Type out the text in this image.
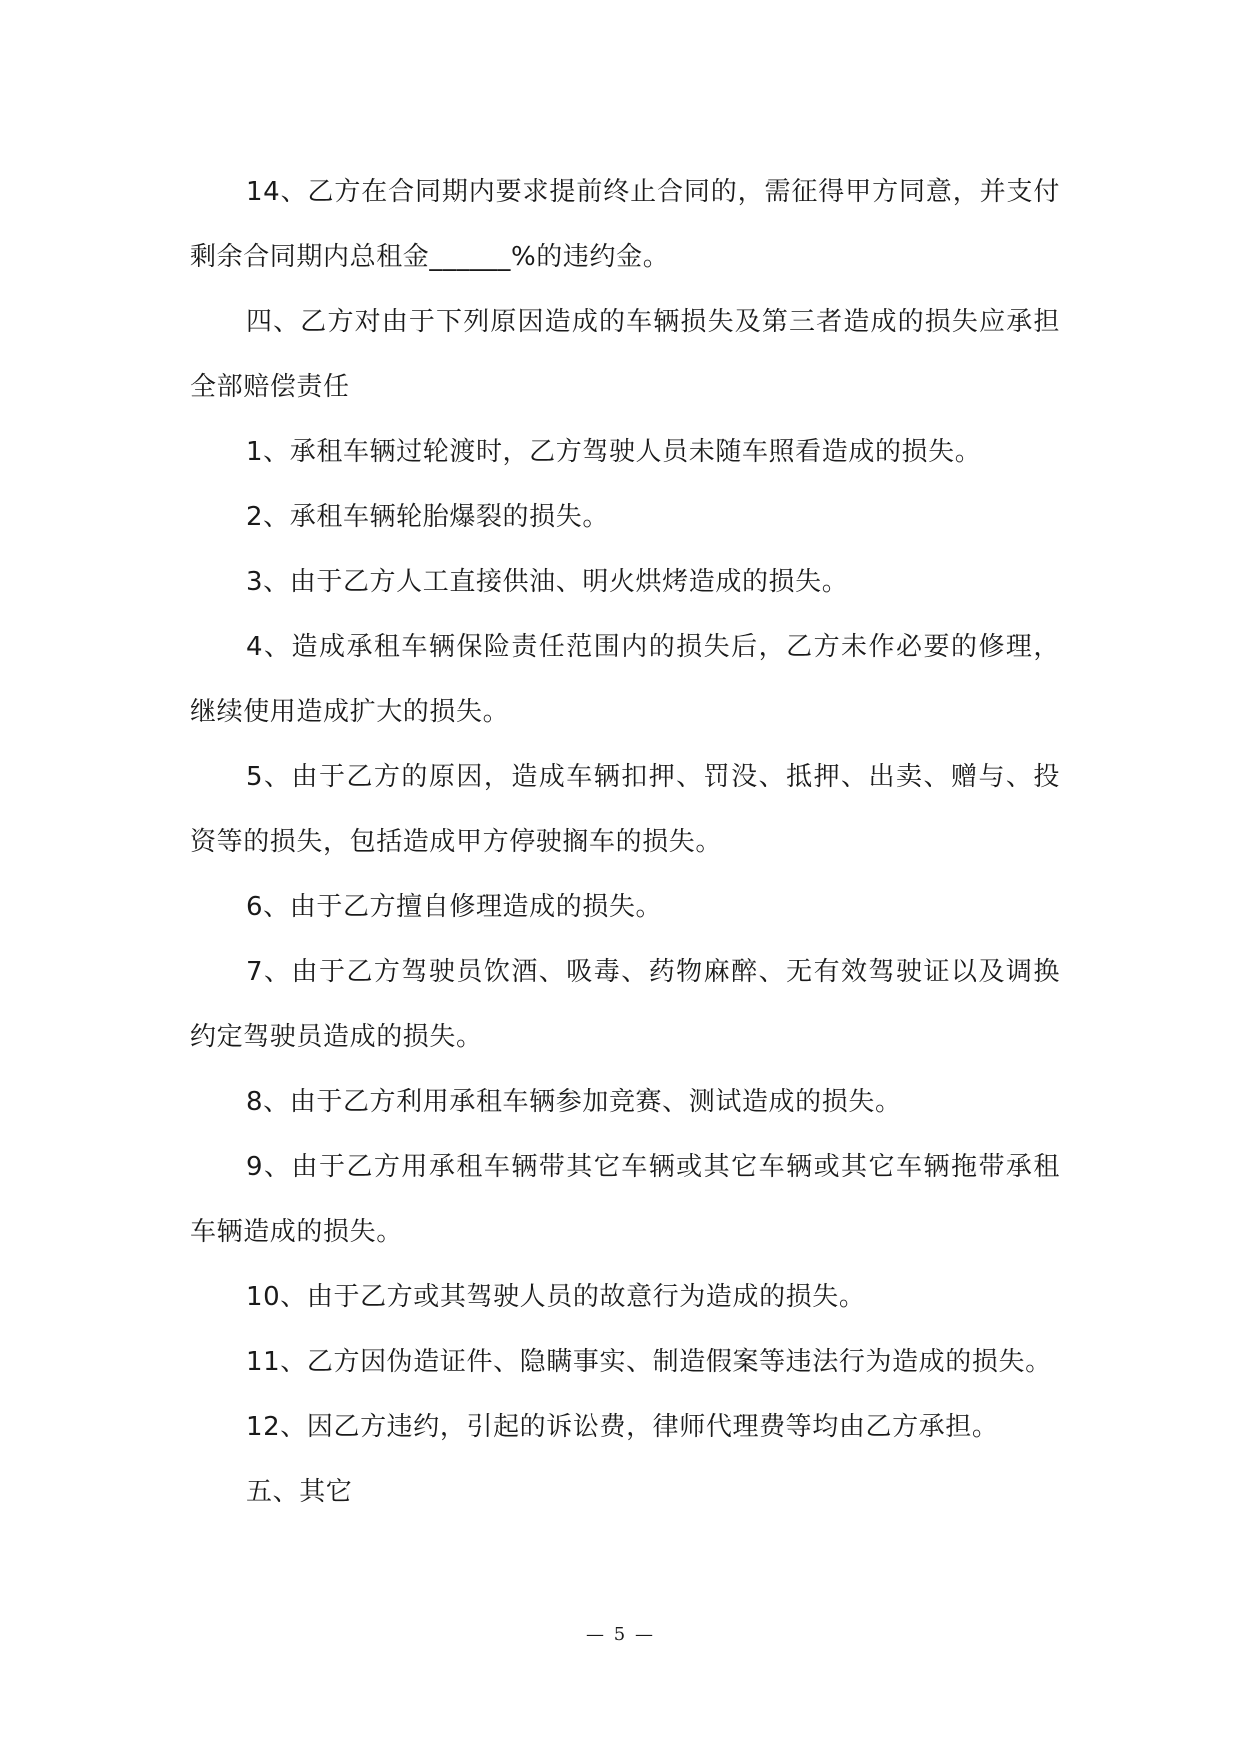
14、乙方在合同期内要求提前终止合同的，需征得甲方同意，并支付剩余合同期内总租金______%的违约金。

四、乙方对由于下列原因造成的车辆损失及第三者造成的损失应承担全部赔偿责任

1、承租车辆过轮渡时，乙方驾驶人员未随车照看造成的损失。

2、承租车辆轮胎爆裂的损失。

3、由于乙方人工直接供油、明火烘烤造成的损失。

4、造成承租车辆保险责任范围内的损失后，乙方未作必要的修理，继续使用造成扩大的损失。

5、由于乙方的原因，造成车辆扣押、罚没、抵押、出卖、赠与、投资等的损失，包括造成甲方停驶搁车的损失。

6、由于乙方擅自修理造成的损失。

7、由于乙方驾驶员饮酒、吸毒、药物麻醉、无有效驾驶证以及调换约定驾驶员造成的损失。

8、由于乙方利用承租车辆参加竞赛、测试造成的损失。

9、由于乙方用承租车辆带其它车辆或其它车辆或其它车辆拖带承租车辆造成的损失。

10、由于乙方或其驾驶人员的故意行为造成的损失。

11、乙方因伪造证件、隐瞒事实、制造假案等违法行为造成的损失。

12、因乙方违约，引起的诉讼费，律师代理费等均由乙方承担。

五、其它

— 5 —
